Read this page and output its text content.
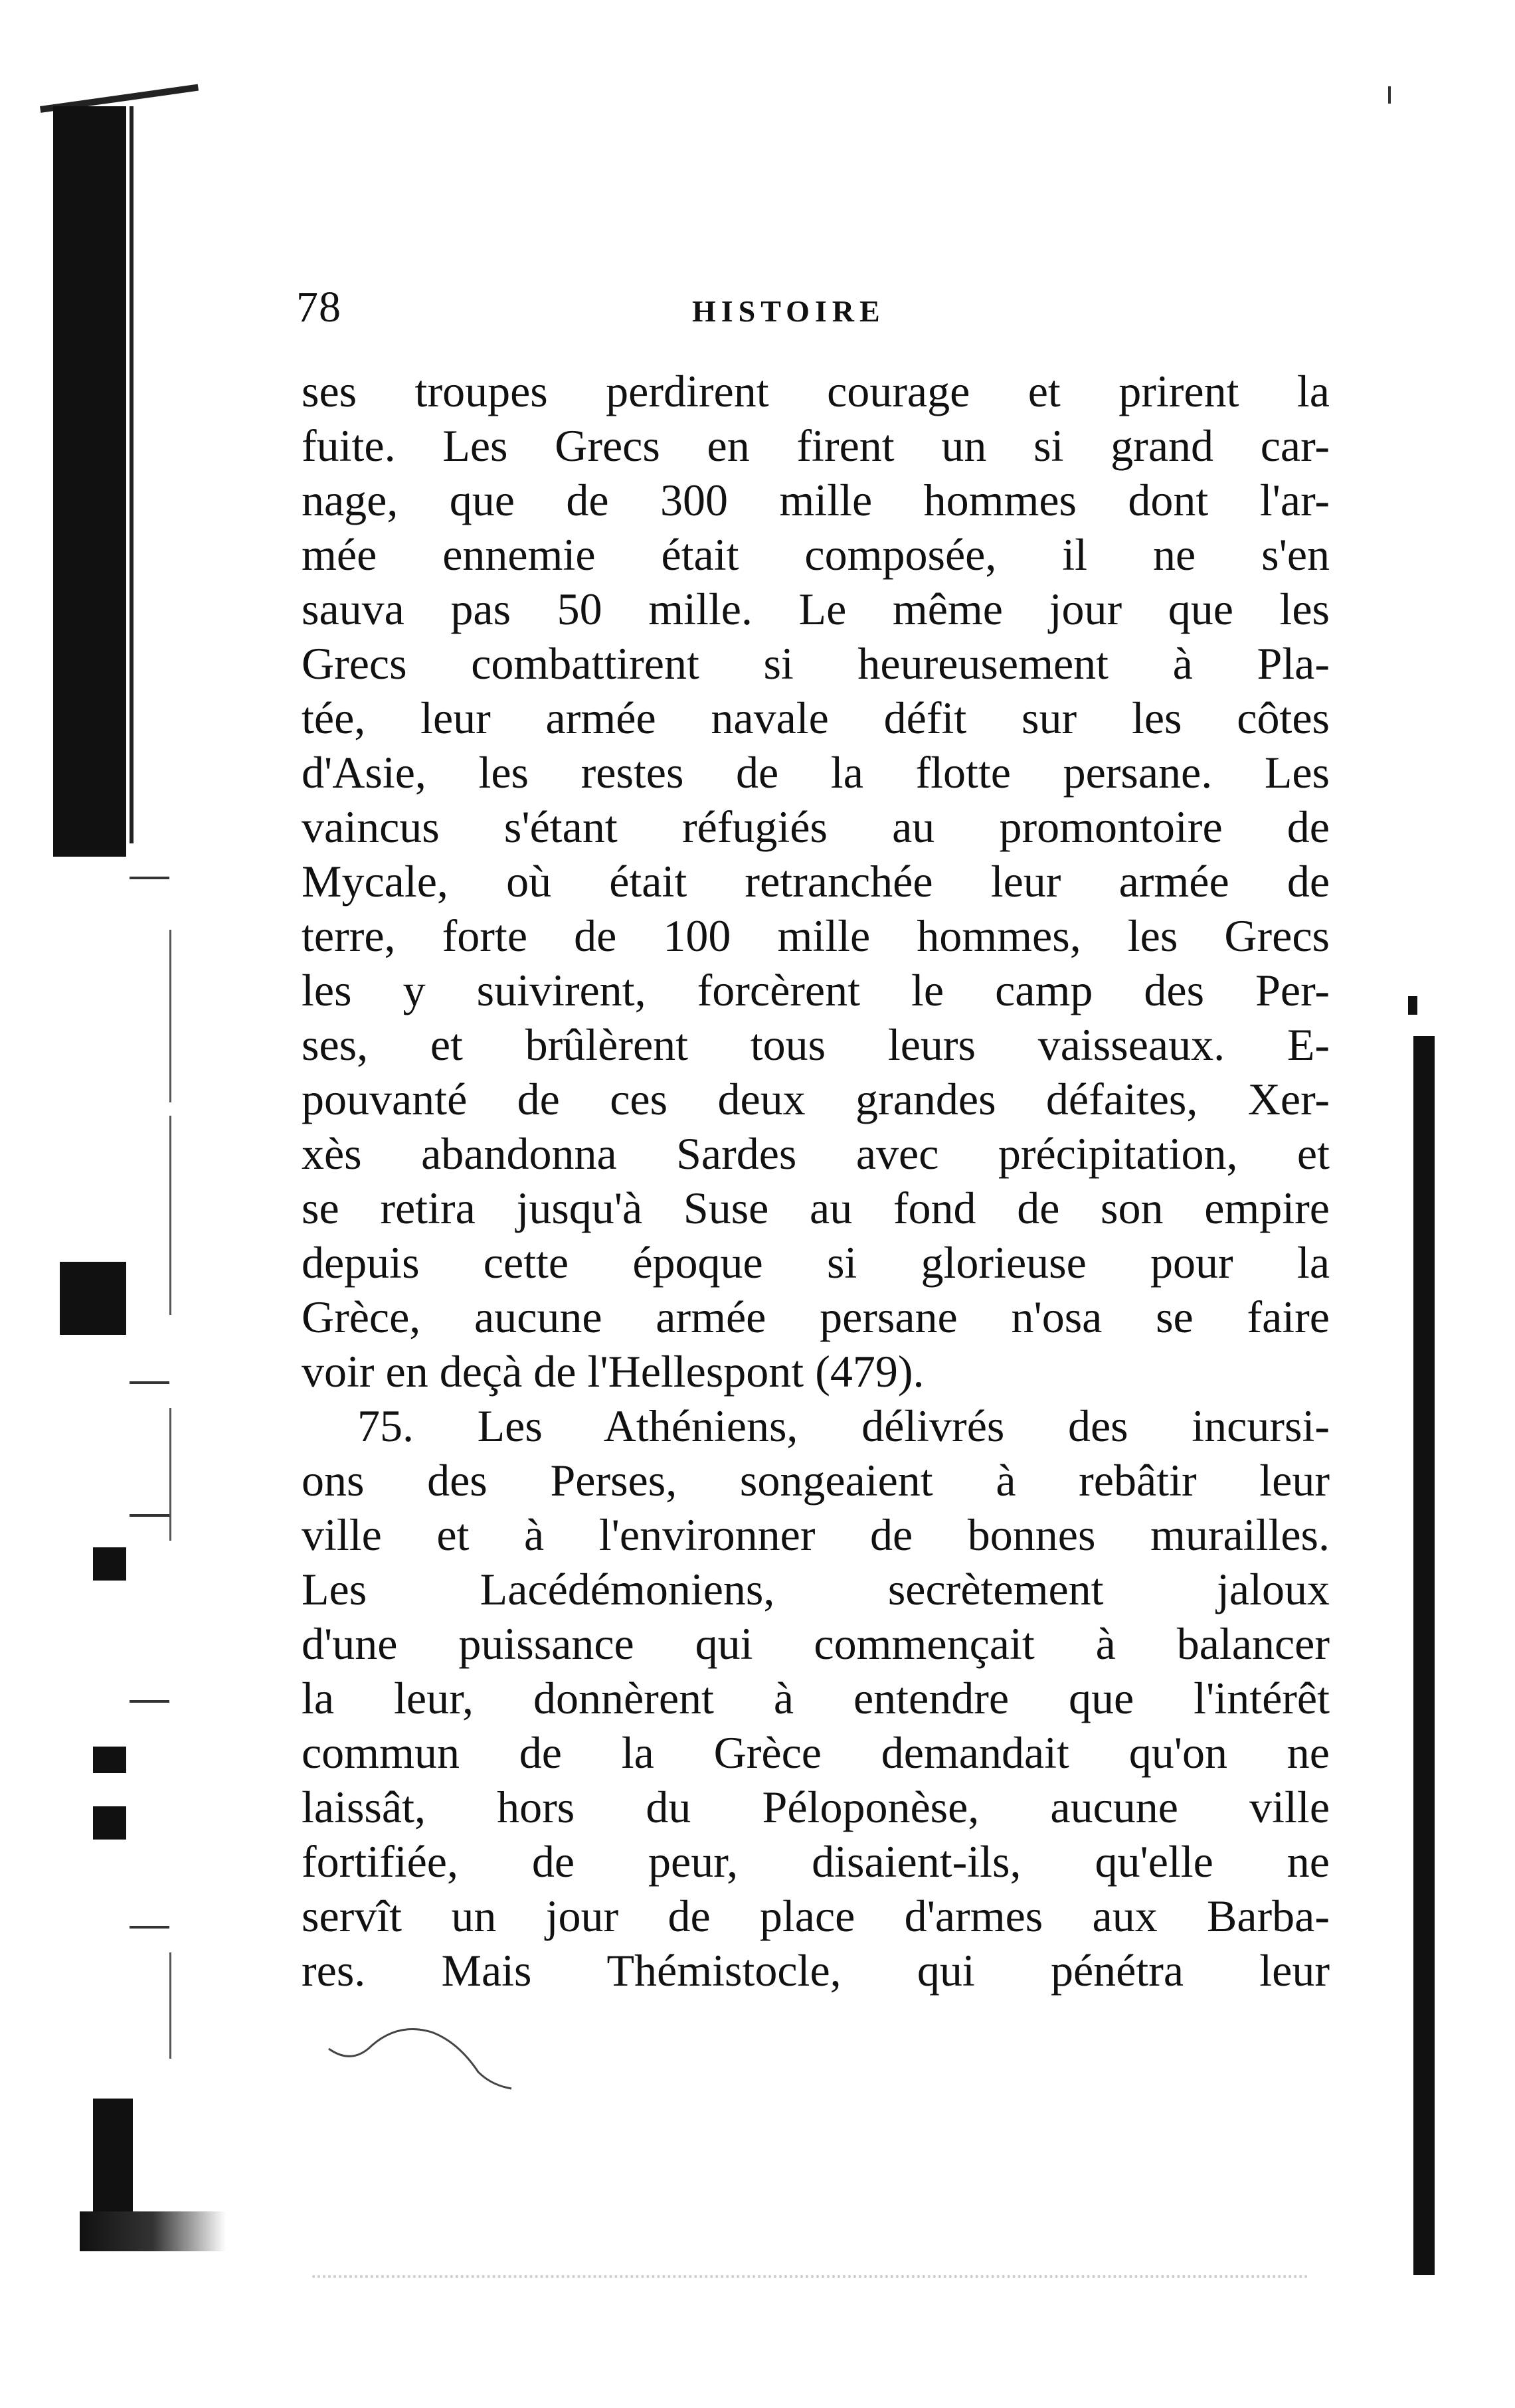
78	HISTOIRE
ses troupes perdirent courage et prirent la
fuite. Les Grecs en firent un si grand car-
nage, que de 300 mille hommes dont l'ar-
mée ennemie était composée, il ne s'en
sauva pas 50 mille. Le même jour que les
Grecs combattirent si heureusement à Pla-
tée, leur armée navale défit sur les côtes
d'Asie, les restes de la flotte persane. Les
vaincus s'étant réfugiés au promontoire de
Mycale, où était retranchée leur armée de
terre, forte de 100 mille hommes, les Grecs
les y suivirent, forcèrent le camp des Per-
ses, et brûlèrent tous leurs vaisseaux. E-
pouvanté de ces deux grandes défaites, Xer-
xès abandonna Sardes avec précipitation, et
se retira jusqu'à Suse au fond de son empire
depuis cette époque si glorieuse pour la
Grèce, aucune armée persane n'osa se faire
voir en deçà de l'Hellespont (479).
75. Les Athéniens, délivrés des incursi-
ons des Perses, songeaient à rebâtir leur
ville et à l'environner de bonnes murailles.
Les Lacédémoniens, secrètement jaloux
d'une puissance qui commençait à balancer
la leur, donnèrent à entendre que l'intérêt
commun de la Grèce demandait qu'on ne
laissât, hors du Péloponèse, aucune ville
fortifiée, de peur, disaient-ils, qu'elle ne
servît un jour de place d'armes aux Barba-
res. Mais Thémistocle, qui pénétra leur
